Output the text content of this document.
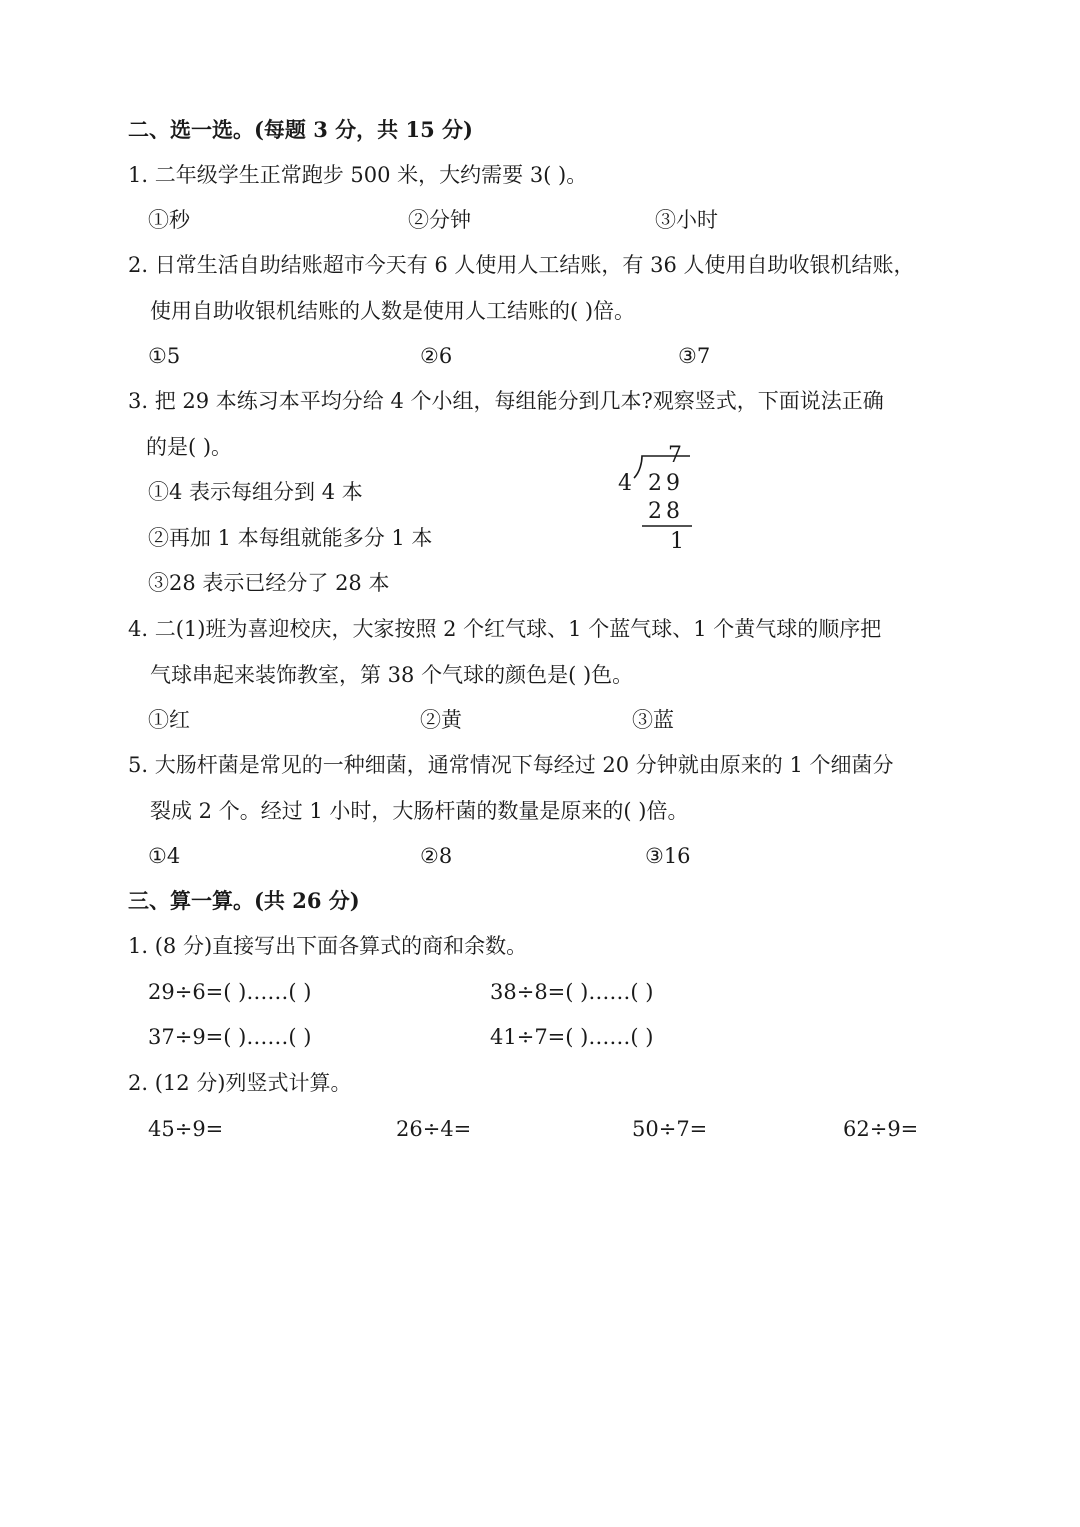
二、选一选。(每题 3 分，共 15 分)
1. 二年级学生正常跑步 500 米，大约需要 3( )。
①秒	②分钟	③小时
2. 日常生活自助结账超市今天有 6 人使用人工结账，有 36 人使用自助收银机结账，
使用自助收银机结账的人数是使用人工结账的( )倍。
①5	②6	③7
3. 把 29 本练习本平均分给 4 个小组，每组能分到几本?观察竖式，下面说法正确
的是( )。
①4 表示每组分到 4 本
②再加 1 本每组就能多分 1 本
③28 表示已经分了 28 本
7
4 29
28
1
4. 二(1)班为喜迎校庆，大家按照 2 个红气球、1 个蓝气球、1 个黄气球的顺序把
气球串起来装饰教室，第 38 个气球的颜色是( )色。
①红	②黄	③蓝
5. 大肠杆菌是常见的一种细菌，通常情况下每经过 20 分钟就由原来的 1 个细菌分
裂成 2 个。经过 1 小时，大肠杆菌的数量是原来的( )倍。
①4	②8	③16
三、算一算。(共 26 分)
1. (8 分)直接写出下面各算式的商和余数。
29÷6=( )……( )	38÷8=( )……( )
37÷9=( )……( )	41÷7=( )……( )
2. (12 分)列竖式计算。
45÷9=	26÷4=	50÷7=	62÷9=
